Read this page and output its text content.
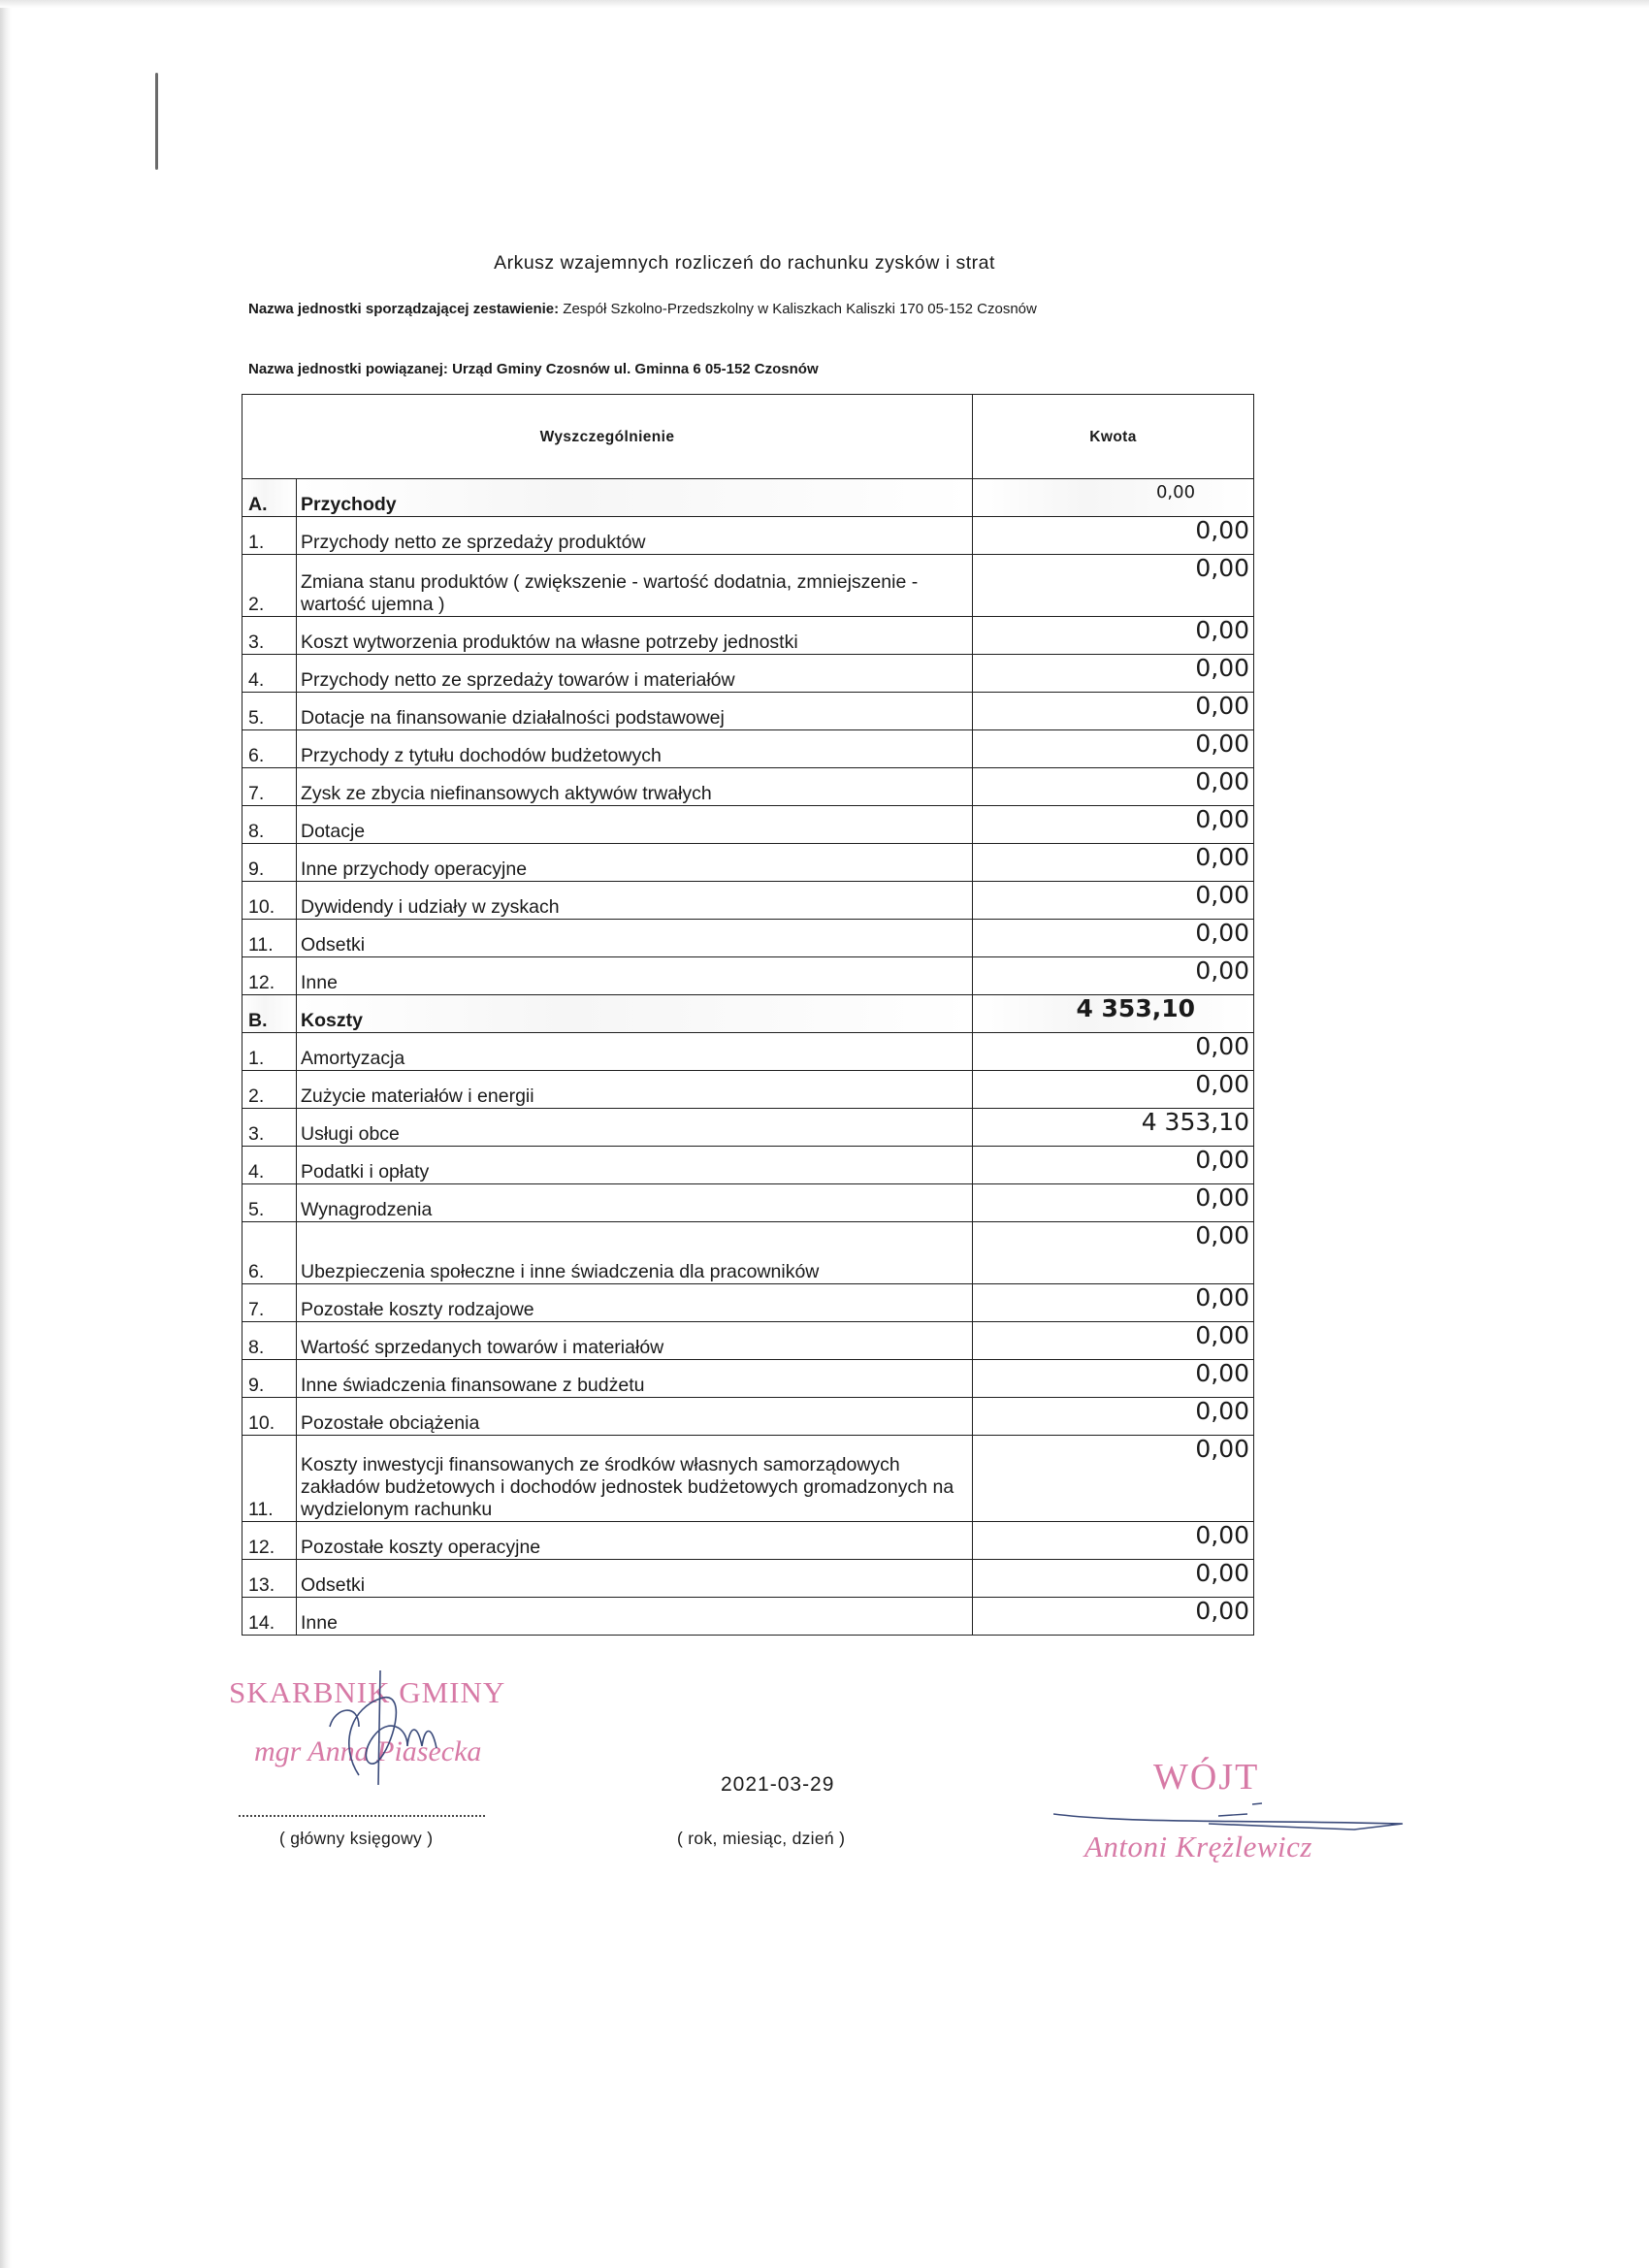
Arkusz wzajemnych rozliczeń do rachunku zysków i strat
Nazwa jednostki sporządzającej zestawienie: Zespół Szkolno-Przedszkolny w Kaliszkach Kaliszki 170 05-152 Czosnów
Nazwa jednostki powiązanej: Urząd Gminy Czosnów ul. Gminna 6 05-152 Czosnów
Wyszczególnienie		Kwota
A.	Przychody	0,00
1.	Przychody netto ze sprzedaży produktów	0,00
2.	Zmiana stanu produktów ( zwiększenie - wartość dodatnia, zmniejszenie - wartość ujemna )	0,00
3.	Koszt wytworzenia produktów na własne potrzeby jednostki	0,00
4.	Przychody netto ze sprzedaży towarów i materiałów	0,00
5.	Dotacje na finansowanie działalności podstawowej	0,00
6.	Przychody z tytułu dochodów budżetowych	0,00
7.	Zysk ze zbycia niefinansowych aktywów trwałych	0,00
8.	Dotacje	0,00
9.	Inne przychody operacyjne	0,00
10.	Dywidendy i udziały w zyskach	0,00
11.	Odsetki	0,00
12.	Inne	0,00
B.	Koszty	4 353,10
1.	Amortyzacja	0,00
2.	Zużycie materiałów i energii	0,00
3.	Usługi obce	4 353,10
4.	Podatki i opłaty	0,00
5.	Wynagrodzenia	0,00
6.	Ubezpieczenia społeczne i inne świadczenia dla pracowników	0,00
7.	Pozostałe koszty rodzajowe	0,00
8.	Wartość sprzedanych towarów i materiałów	0,00
9.	Inne świadczenia finansowane z budżetu	0,00
10.	Pozostałe obciążenia	0,00
11.	Koszty inwestycji finansowanych ze środków własnych samorządowych zakładów budżetowych i dochodów jednostek budżetowych gromadzonych na wydzielonym rachunku	0,00
12.	Pozostałe koszty operacyjne	0,00
13.	Odsetki	0,00
14.	Inne	0,00
SKARBNIK GMINY
mgr Anna Piasecka
( główny księgowy )
2021-03-29
( rok, miesiąc, dzień )
WÓJT
Antoni Krężlewicz
